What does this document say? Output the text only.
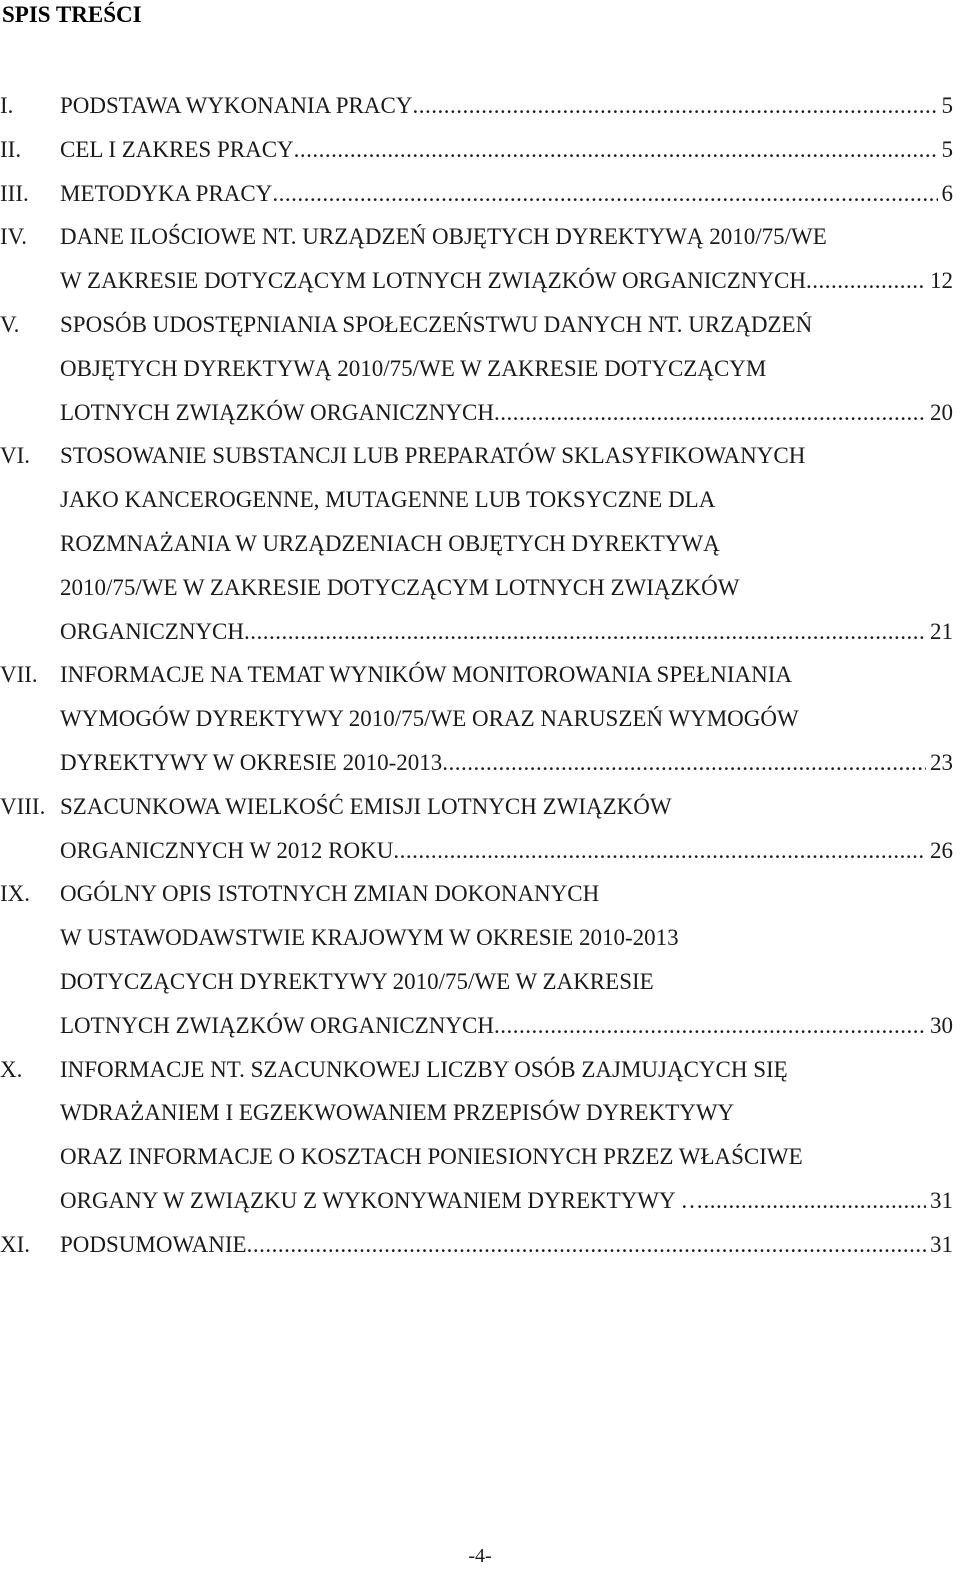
SPIS TREŚCI
I.	PODSTAWA WYKONANIA PRACY .....	5
II.	CEL I ZAKRES PRACY .....	5
III.	METODYKA PRACY .....	6
IV.	DANE ILOŚCIOWE NT. URZĄDZEŃ OBJĘTYCH DYREKTYWĄ 2010/75/WE
W ZAKRESIE DOTYCZĄCYM LOTNYCH ZWIĄZKÓW ORGANICZNYCH .....	12
V.	SPOSÓB UDOSTĘPNIANIA SPOŁECZEŃSTWU DANYCH NT. URZĄDZEŃ
OBJĘTYCH DYREKTYWĄ 2010/75/WE W ZAKRESIE DOTYCZĄCYM
LOTNYCH ZWIĄZKÓW ORGANICZNYCH .....	20
VI.	STOSOWANIE SUBSTANCJI LUB PREPARATÓW SKLASYFIKOWANYCH
JAKO KANCEROGENNE, MUTAGENNE LUB TOKSYCZNE DLA
ROZMNAŻANIA W URZĄDZENIACH OBJĘTYCH DYREKTYWĄ
2010/75/WE W ZAKRESIE DOTYCZĄCYM LOTNYCH ZWIĄZKÓW
ORGANICZNYCH .....	21
VII. INFORMACJE NA TEMAT WYNIKÓW MONITOROWANIA SPEŁNIANIA
WYMOGÓW DYREKTYWY 2010/75/WE ORAZ NARUSZEŃ WYMOGÓW
DYREKTYWY W OKRESIE 2010-2013 .....	23
VIII. SZACUNKOWA WIELKOŚĆ EMISJI LOTNYCH ZWIĄZKÓW
ORGANICZNYCH W 2012 ROKU .....	26
IX.	OGÓLNY OPIS ISTOTNYCH ZMIAN DOKONANYCH
W USTAWODAWSTWIE KRAJOWYM W OKRESIE 2010-2013
DOTYCZĄCYCH DYREKTYWY 2010/75/WE W ZAKRESIE
LOTNYCH ZWIĄZKÓW ORGANICZNYCH .....	30
X.	INFORMACJE NT. SZACUNKOWEJ LICZBY OSÓB ZAJMUJĄCYCH SIĘ
WDRAŻANIEM I EGZEKWOWANIEM PRZEPISÓW DYREKTYWY
ORAZ INFORMACJE O KOSZTACH PONIESIONYCH PRZEZ WŁAŚCIWE
ORGANY W ZWIĄZKU Z WYKONYWANIEM DYREKTYWY … .....	31
XI.	PODSUMOWANIE .....	31
-4-
